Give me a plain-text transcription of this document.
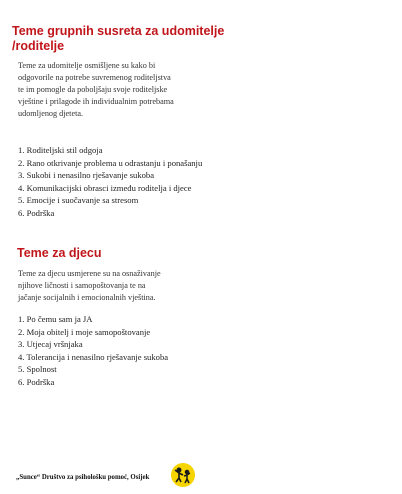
Teme grupnih susreta za udomitelje /roditelje
Teme za udomitelje osmišljene su kako bi
odgovorile na potrebe suvremenog roditeljstva
te im pomogle da poboljšaju svoje roditeljske
vještine i prilagode ih individualnim potrebama
udomljenog djeteta.
1. Roditeljski stil odgoja
2. Rano otkrivanje problema u odrastanju i ponašanju
3. Sukobi i nenasilno rješavanje sukoba
4. Komunikacijski obrasci između roditelja i djece
5. Emocije i suočavanje sa stresom
6. Podrška
Teme za djecu
Teme za djecu usmjerene su na osnaživanje
njihove ličnosti i samopoštovanja te na
jačanje socijalnih i emocionalnih vještina.
1. Po čemu sam ja JA
2. Moja obitelj i moje samopoštovanje
3. Utjecaj vršnjaka
4. Tolerancija i nenasilno rješavanje sukoba
5. Spolnost
6. Podrška
„Sunce“ Društvo za psihološku pomoć, Osijek
